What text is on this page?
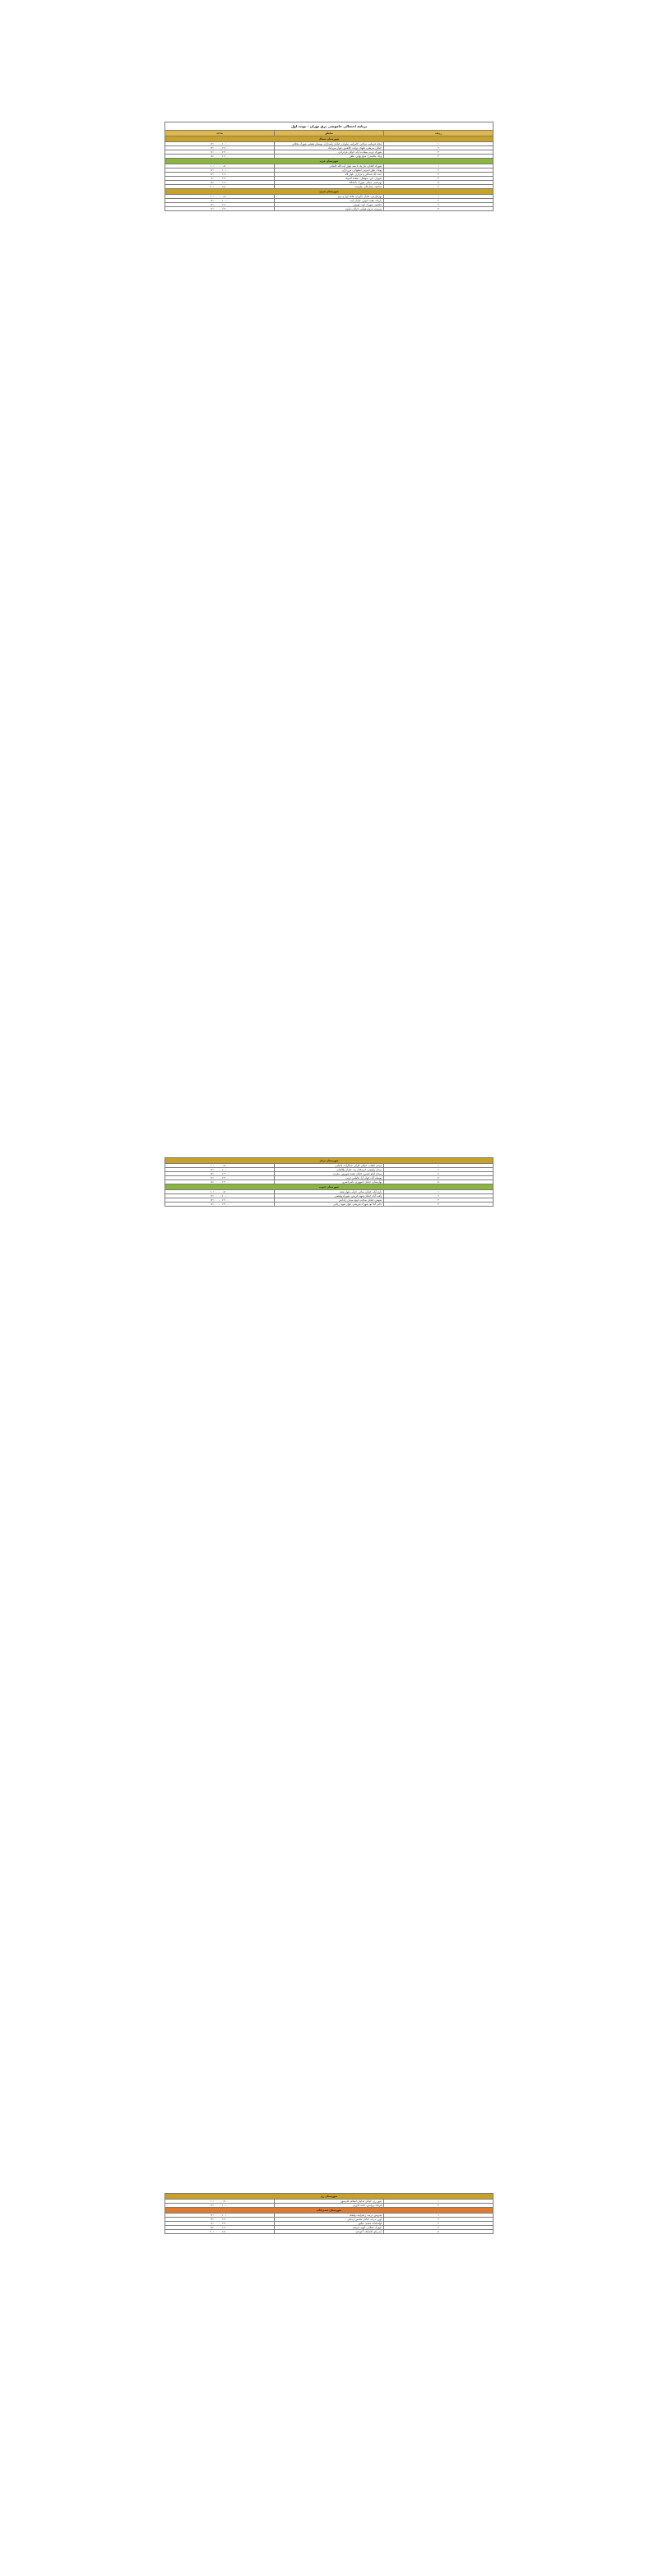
برنامه احتمالی خاموشی برق تهران - نوبت اول		
ردیف	مناطق	ساعت
شهرستان شمال		
۱	محله فرمانیه، دیباجی، کامرانیه، نیاوران، خیابان پاسداران، بوستان هشتم، شهرک محلاتی	۱۰:۰۰ - ۱۲:۰۰
۲	خیابان شریعتی، قلهک، دولت، کلاهدوز، بلوار میرداماد	۱۲:۰۰ - ۱۴:۰۰
۳	شهرک غرب، سعادت آباد، خیابان فرحزادی	۱۴:۰۰ - ۱۶:۰۰
۴	ونک، ملاصدرا، شیخ بهایی، ظفر	۱۶:۰۰ - ۱۸:۰۰
شهرستان غرب		
۱	شهرک اکباتان، فاز یک تا سه، بلوار آیت الله کاشانی	۰۸:۰۰ - ۱۰:۰۰
۲	پونک، بلوار اشرفی اصفهانی، مرزداران	۱۰:۰۰ - ۱۲:۰۰
۳	جنت آباد شمالی و مرکزی، بلوار لاله	۱۲:۰۰ - ۱۴:۰۰
۴	شهران، کن، سولقان، دهکده المپیک	۱۴:۰۰ - ۱۶:۰۰
۵	تهرانسر، چیتگر، شهرک دانشگاه	۱۶:۰۰ - ۱۸:۰۰
۶	صادقیه، ستارخان، طرشت	۱۸:۰۰ - ۲۰:۰۰
شهرستان شرق		
۱	تهرانپارس، خیابان دلاوران، فلکه اول و دوم	۰۸:۰۰ - ۱۰:۰۰
۲	نارمک، هفت حوض، خیابان آیت	۱۰:۰۰ - ۱۲:۰۰
۳	حکیمیه، شهرک امید، لویزان	۱۲:۰۰ - ۱۴:۰۰
۴	پیروزی، نیروی هوایی، خیابان دماوند	۱۴:۰۰ - ۱۶:۰۰
شهرستان مرکز		
۱	میدان انقلاب، خیابان کارگر، جمالزاده، فاطمی	۰۸:۰۰ - ۱۰:۰۰
۲	میدان ولیعصر، کریمخان زند، خیابان طالقانی	۱۰:۰۰ - ۱۲:۰۰
۳	میدان امام حسین، خیابان هفده شهریور، مجیدیه	۱۲:۰۰ - ۱۴:۰۰
۴	یوسف آباد، جهان آرا، فاطمی غربی	۱۴:۰۰ - ۱۶:۰۰
۵	بهارستان، خیابان جمهوری، ناصرخسرو	۱۶:۰۰ - ۱۸:۰۰
شهرستان جنوب		
۱	نازی آباد، خیابان مدائن، خزانه، بلوار بعثت	۰۸:۰۰ - ۱۰:۰۰
۲	یافت آباد، خیابان شهید کریمی، شهرک ولیعصر	۱۰:۰۰ - ۱۲:۰۰
۳	شوش، خیابان صاحب جمع، میدان راه آهن	۱۲:۰۰ - ۱۴:۰۰
۴	خانی آباد نو، شهرک شریعتی، بلوار شهید رجایی	۱۴:۰۰ - ۱۶:۰۰
شهرستان ری		
۱	شهر ری، خیابان فداییان اسلام، باقرشهر	۰۸:۰۰ - ۱۰:۰۰
۲	قرچک، ورامین، جاده خاوران	۱۰:۰۰ - ۱۲:۰۰
شهرستان شمیرانات		
۱	تجریش، دربند، زعفرانیه، ولنجک	۱۰:۰۰ - ۱۲:۰۰
۲	اوین، درکه، خیابان مقدس اردبیلی	۱۲:۰۰ - ۱۴:۰۰
۳	لواسانات، فشم، میگون	۱۴:۰۰ - ۱۶:۰۰
۴	شهرک محلاتی، الهیه، فرشته	۱۶:۰۰ - ۱۸:۰۰
۵	اندرزگو، کاشانک، آجودانیه	۱۸:۰۰ - ۲۰:۰۰
